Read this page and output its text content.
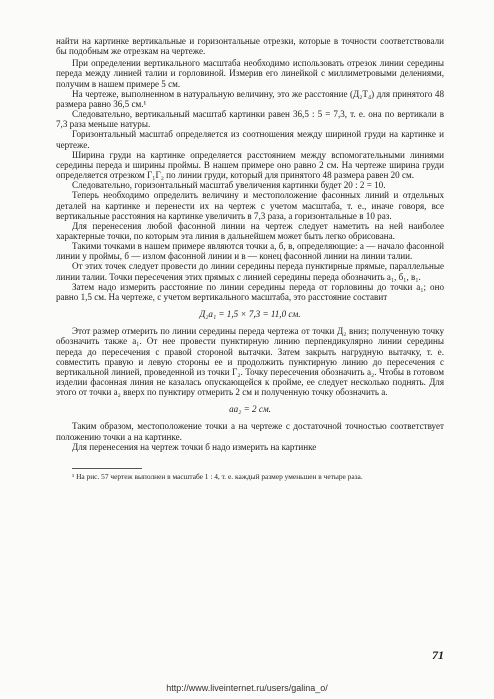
найти на картинке вертикальные и горизонтальные отрезки, которые в точности соответствовали бы подобным же отрезкам на чертеже.

При определении вертикального масштаба необходимо использовать отрезок линии середины переда между линией талии и горловиной. Измерив его линейкой с миллиметровыми делениями, получим в нашем примере 5 см.

На чертеже, выполненном в натуральную величину, это же расстояние (Д₂Т₄) для принятого 48 размера равно 36,5 см.¹

Следовательно, вертикальный масштаб картинки равен 36,5 : 5 = 7,3, т. е. она по вертикали в 7,3 раза меньше натуры.

Горизонтальный масштаб определяется из соотношения между шириной груди на картинке и чертеже.

Ширина груди на картинке определяется расстоянием между вспомогательными линиями середины переда и ширины проймы. В нашем примере оно равно 2 см. На чертеже ширина груди определяется отрезком Г₁Г₂ по линии груди, который для принятого 48 размера равен 20 см.

Следовательно, горизонтальный масштаб увеличения картинки будет 20 : 2 = 10.

Теперь необходимо определить величину и местоположение фасонных линий и отдельных деталей на картинке и перенести их на чертеж с учетом масштаба, т. е., иначе говоря, все вертикальные расстояния на картинке увеличить в 7,3 раза, а горизонтальные в 10 раз.

Для перенесения любой фасонной линии на чертеж следует наметить на ней наиболее характерные точки, по которым эта линия в дальнейшем может быть легко обрисована.

Такими точками в нашем примере являются точки а, б, в, определяющие: а — начало фасонной линии у проймы, б — излом фасонной линии и в — конец фасонной линии на линии талии.

От этих точек следует провести до линии середины переда пунктирные прямые, параллельные линии талии. Точки пересечения этих прямых с линией середины переда обозначить а₁, б₁, в₁.

Затем надо измерить расстояние по линии середины переда от горловины до точки а₁; оно равно 1,5 см. На чертеже, с учетом вертикального масштаба, это расстояние составит

Д₂а₁ = 1,5 × 7,3 = 11,0 см.

Этот размер отмерить по линии середины переда чертежа от точки Д₂ вниз; полученную точку обозначить также а₁. От нее провести пунктирную линию перпендикулярно линии середины переда до пересечения с правой стороной вытачки. Затем закрыть нагрудную вытачку, т. е. совместить правую и левую стороны ее и продолжить пунктирную линию до пересечения с вертикальной линией, проведенной из точки Г₂. Точку пересечения обозначить а₂. Чтобы в готовом изделии фасонная линия не казалась опускающейся к пройме, ее следует несколько поднять. Для этого от точки а₂ вверх по пунктиру отмерить 2 см и полученную точку обозначить а.

аа₂ = 2 см.

Таким образом, местоположение точки а на чертеже с достаточной точностью соответствует положению точки а на картинке.

Для перенесения на чертеж точки б надо измерить на картинке

¹ На рис. 57 чертеж выполнен в масштабе 1 : 4, т. е. каждый размер уменьшен в четыре раза.

71
http://www.liveinternet.ru/users/galina_o/
